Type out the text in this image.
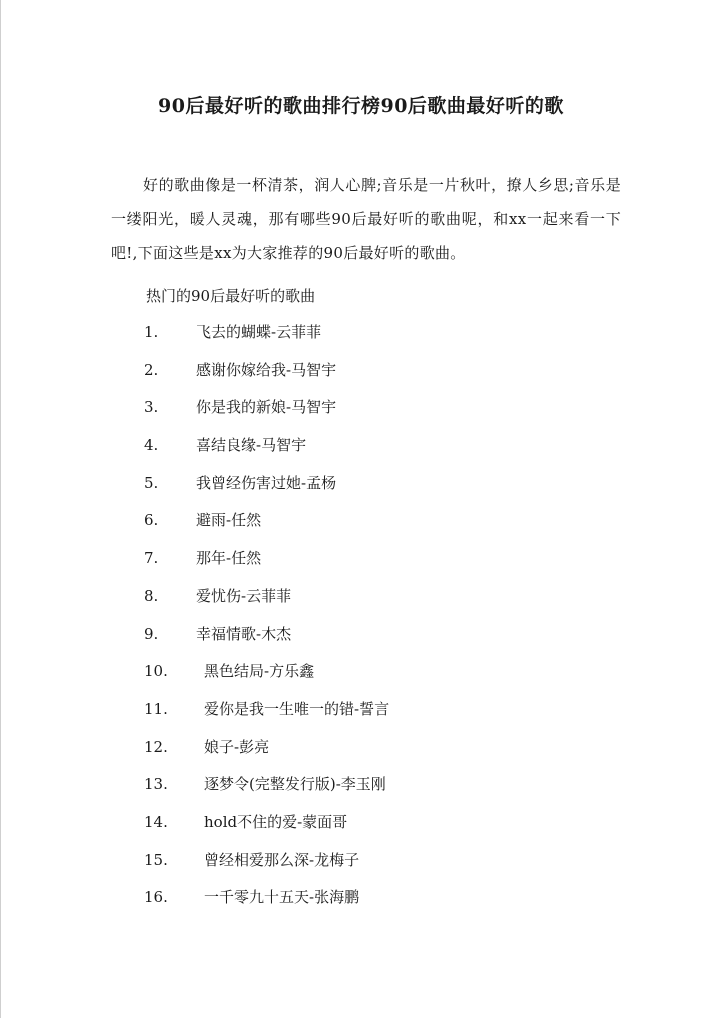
90后最好听的歌曲排行榜90后歌曲最好听的歌

好的歌曲像是一杯清茶，润人心脾;音乐是一片秋叶，撩人乡思;音乐是一缕阳光，暖人灵魂，那有哪些90后最好听的歌曲呢，和xx一起来看一下吧!,下面这些是xx为大家推荐的90后最好听的歌曲。

热门的90后最好听的歌曲
1.	飞去的蝴蝶-云菲菲
2.	感谢你嫁给我-马智宇
3.	你是我的新娘-马智宇
4.	喜结良缘-马智宇
5.	我曾经伤害过她-孟杨
6.	避雨-任然
7.	那年-任然
8.	爱忧伤-云菲菲
9.	幸福情歌-木杰
10. 黑色结局-方乐鑫
11. 爱你是我一生唯一的错-誓言
12. 娘子-彭亮
13. 逐梦令(完整发行版)-李玉刚
14. hold不住的爱-蒙面哥
15. 曾经相爱那么深-龙梅子
16. 一千零九十五天-张海鹏
